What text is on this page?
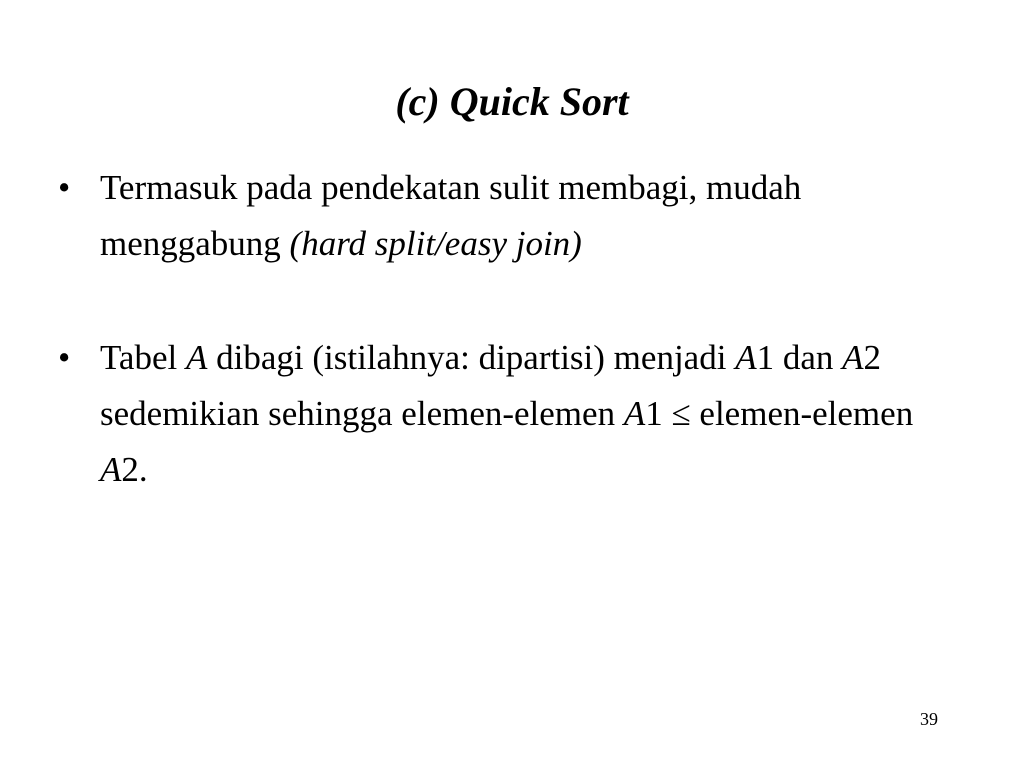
(c) Quick Sort
• Termasuk pada pendekatan sulit membagi, mudah menggabung (hard split/easy join)
• Tabel A dibagi (istilahnya: dipartisi) menjadi A1 dan A2 sedemikian sehingga elemen-elemen A1 ≤ elemen-elemen A2.
39
